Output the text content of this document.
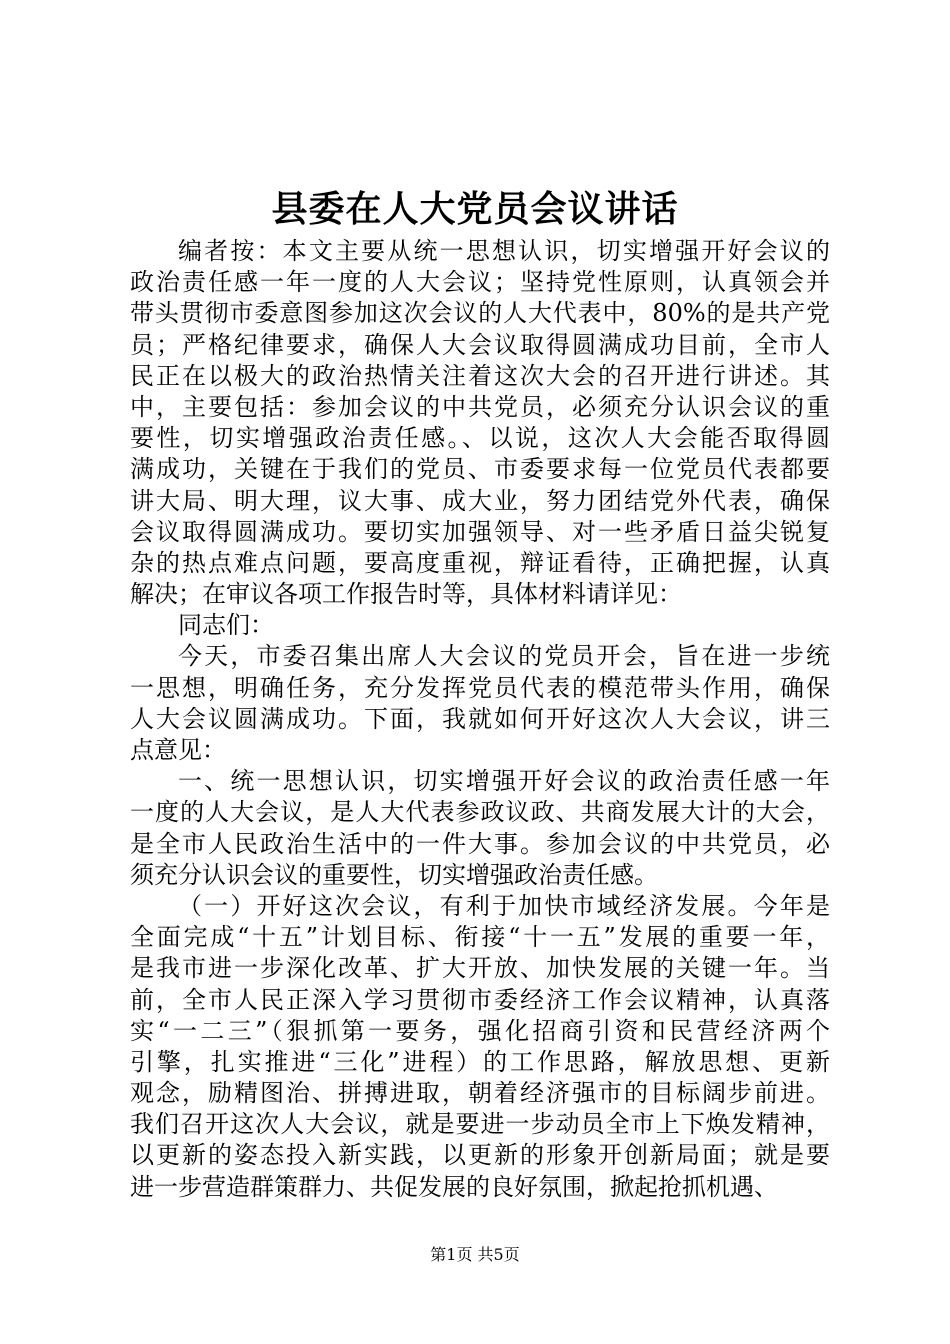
县委在人大党员会议讲话
编者按：本文主要从统一思想认识，切实增强开好会议的
政治责任感一年一度的人大会议；坚持党性原则，认真领会并
带头贯彻市委意图参加这次会议的人大代表中，80%的是共产党
员；严格纪律要求，确保人大会议取得圆满成功目前，全市人
民正在以极大的政治热情关注着这次大会的召开进行讲述。其
中，主要包括：参加会议的中共党员，必须充分认识会议的重
要性，切实增强政治责任感。、以说，这次人大会能否取得圆
满成功，关键在于我们的党员、市委要求每一位党员代表都要
讲大局、明大理，议大事、成大业，努力团结党外代表，确保
会议取得圆满成功。要切实加强领导、对一些矛盾日益尖锐复
杂的热点难点问题，要高度重视，辩证看待，正确把握，认真
解决；在审议各项工作报告时等，具体材料请详见：
同志们：
今天，市委召集出席人大会议的党员开会，旨在进一步统
一思想，明确任务，充分发挥党员代表的模范带头作用，确保
人大会议圆满成功。下面，我就如何开好这次人大会议，讲三
点意见：
一、统一思想认识，切实增强开好会议的政治责任感一年
一度的人大会议，是人大代表参政议政、共商发展大计的大会，
是全市人民政治生活中的一件大事。参加会议的中共党员，必
须充分认识会议的重要性，切实增强政治责任感。
（一）开好这次会议，有利于加快市域经济发展。今年是
全面完成“十五”计划目标、衔接“十一五”发展的重要一年，
是我市进一步深化改革、扩大开放、加快发展的关键一年。当
前，全市人民正深入学习贯彻市委经济工作会议精神，认真落
实“一二三”（狠抓第一要务，强化招商引资和民营经济两个
引擎，扎实推进“三化”进程）的工作思路，解放思想、更新
观念，励精图治、拼搏进取，朝着经济强市的目标阔步前进。
我们召开这次人大会议，就是要进一步动员全市上下焕发精神，
以更新的姿态投入新实践，以更新的形象开创新局面；就是要
进一步营造群策群力、共促发展的良好氛围，掀起抢抓机遇、
第1页 共5页
